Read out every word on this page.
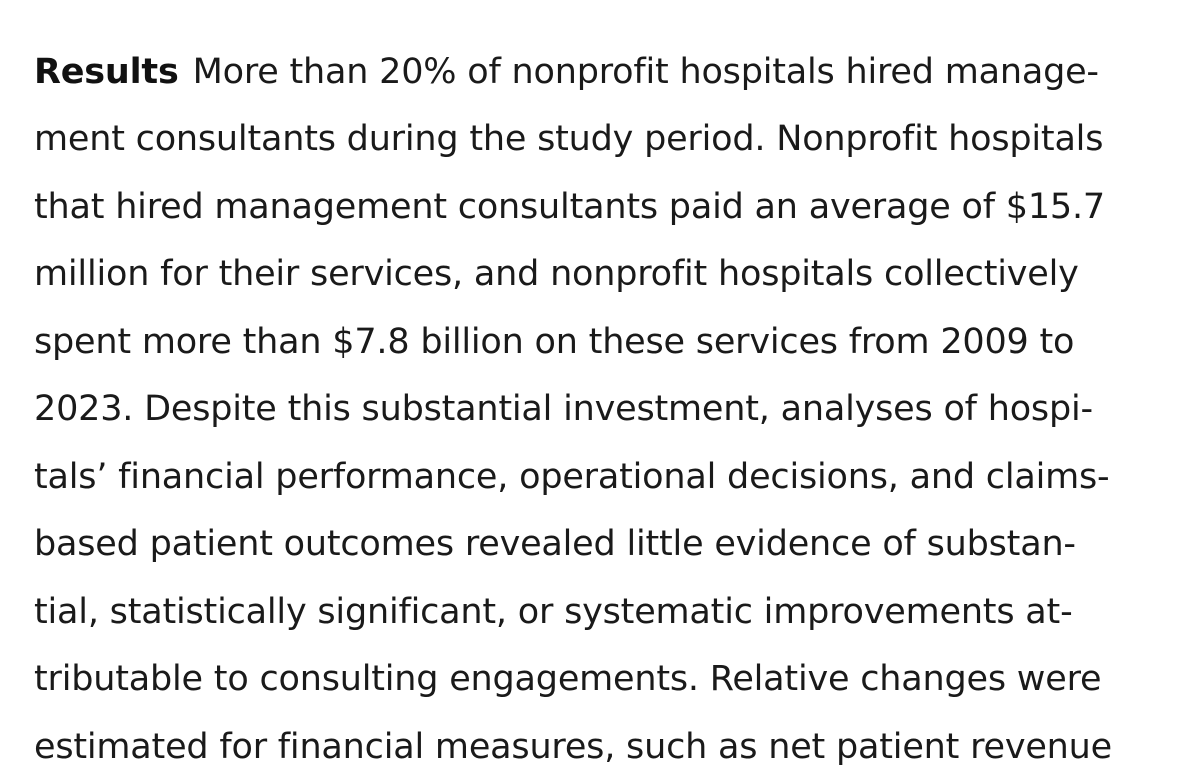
Results More than 20% of nonprofit hospitals hired manage-
ment consultants during the study period. Nonprofit hospitals
that hired management consultants paid an average of $15.7
million for their services, and nonprofit hospitals collectively
spent more than $7.8 billion on these services from 2009 to
2023. Despite this substantial investment, analyses of hospi-
tals’ financial performance, operational decisions, and claims-
based patient outcomes revealed little evidence of substan-
tial, statistically significant, or systematic improvements at-
tributable to consulting engagements. Relative changes were
estimated for financial measures, such as net patient revenue
